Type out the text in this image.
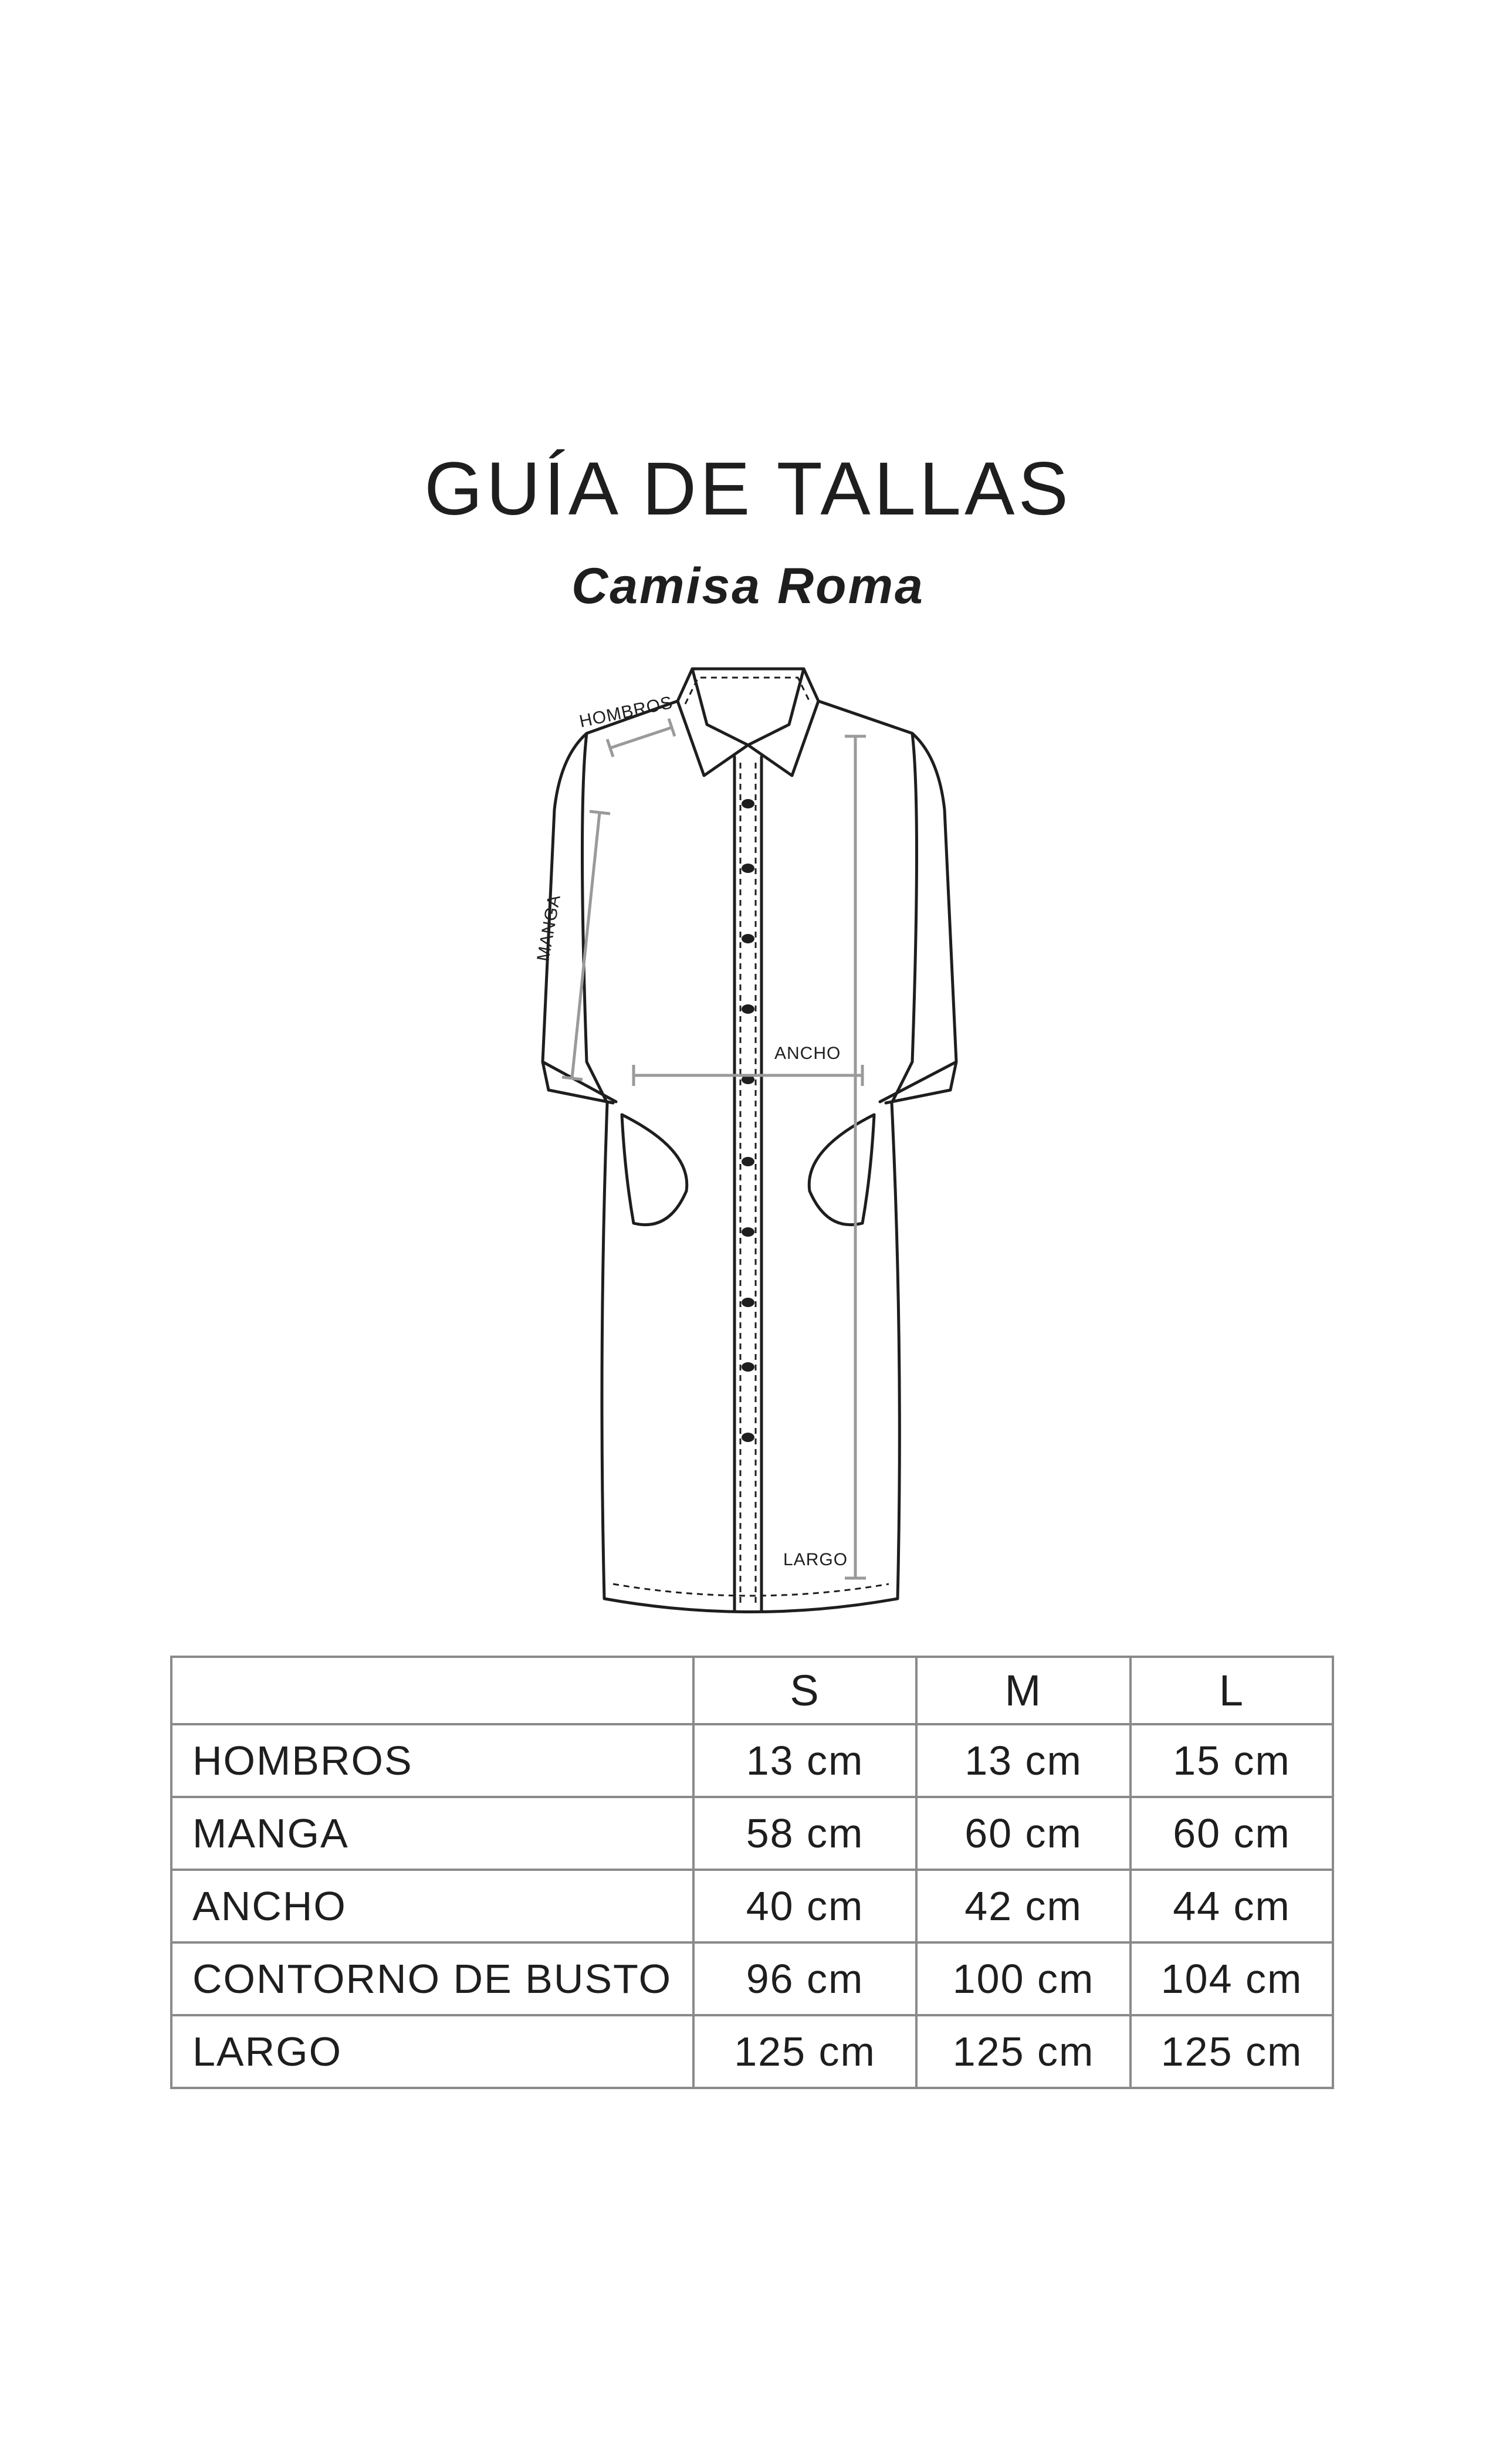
GUÍA DE TALLAS
Camisa Roma
HOMBROS
MANGA
ANCHO
LARGO
	S	M	L
HOMBROS	13 cm	13 cm	15 cm
MANGA	58 cm	60 cm	60 cm
ANCHO	40 cm	42 cm	44 cm
CONTORNO DE BUSTO	96 cm	100 cm	104 cm
LARGO	125 cm	125 cm	125 cm
